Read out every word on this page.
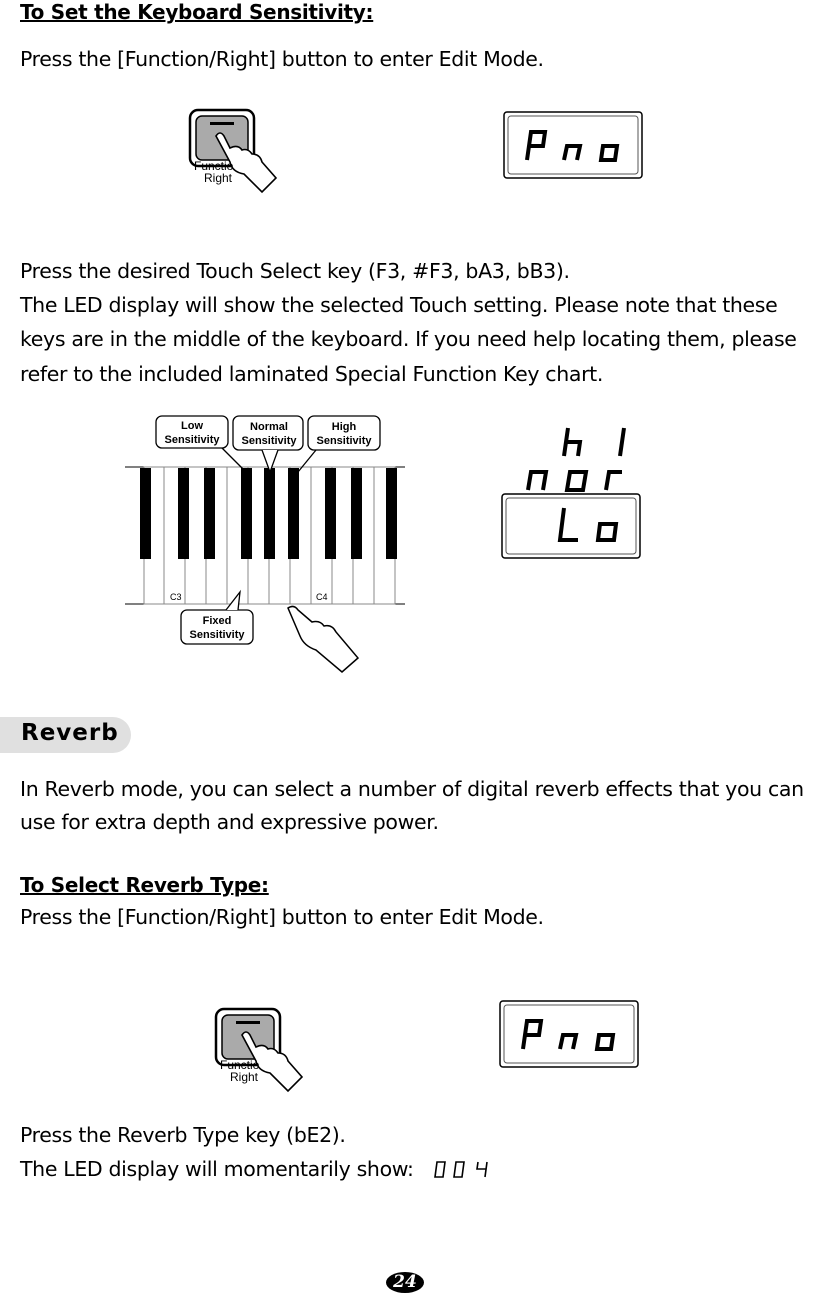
To Set the Keyboard Sensitivity:
Press the [Function/Right] button to enter Edit Mode.
Functio
Right
Press the desired Touch Select key (F3, #F3, bA3, bB3).
The LED display will show the selected Touch setting. Please note that these
keys are in the middle of the keyboard. If you need help locating them, please
refer to the included laminated Special Function Key chart.
C3	C4
Low
Sensitivity
Normal
Sensitivity
High
Sensitivity
Fixed
Sensitivity
Reverb
In Reverb mode, you can select a number of digital reverb effects that you can
use for extra depth and expressive power.
To Select Reverb Type:
Press the [Function/Right] button to enter Edit Mode.
Functio
Right
Press the Reverb Type key (bE2).
The LED display will momentarily show:
24
